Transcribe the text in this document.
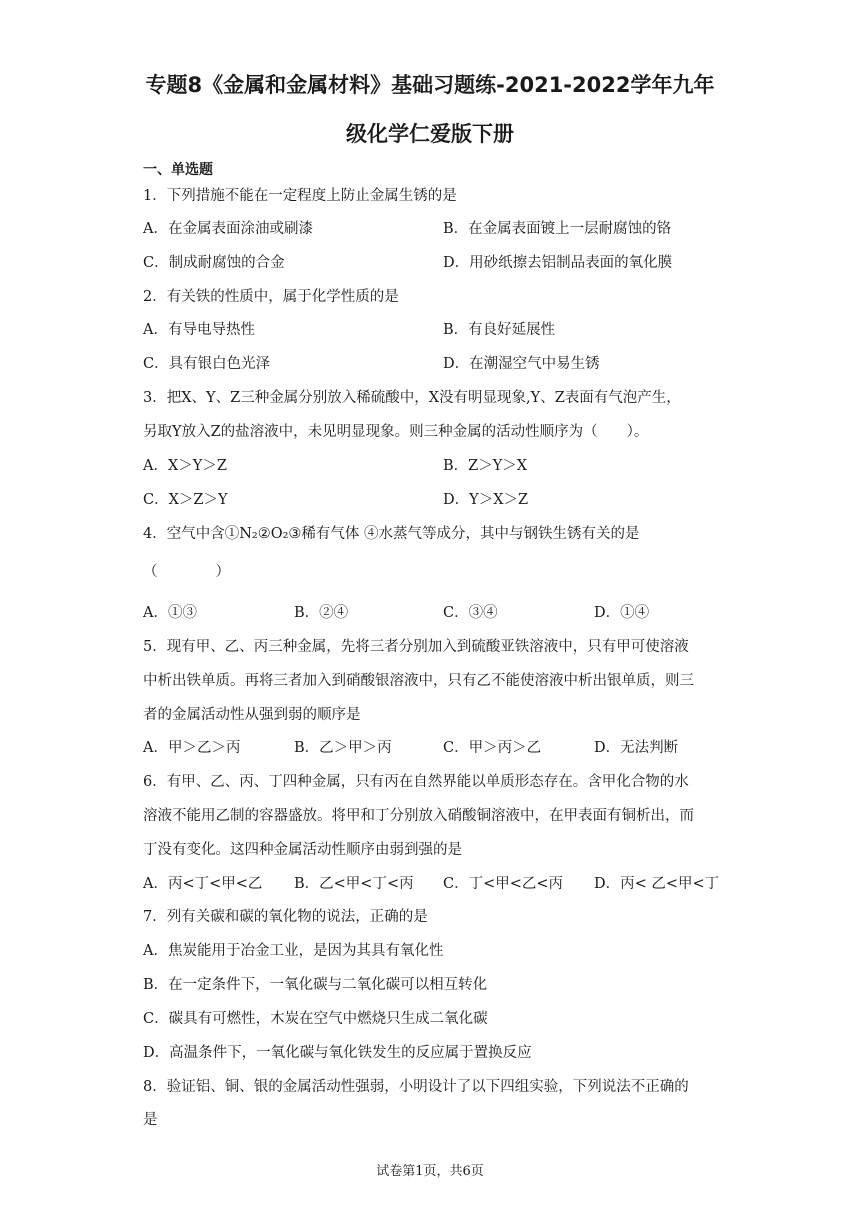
专题8《金属和金属材料》基础习题练-2021-2022学年九年
级化学仁爱版下册
一、单选题
1．下列措施不能在一定程度上防止金属生锈的是
A．在金属表面涂油或刷漆	B．在金属表面镀上一层耐腐蚀的铬
C．制成耐腐蚀的合金	D．用砂纸擦去铝制品表面的氧化膜
2．有关铁的性质中，属于化学性质的是
A．有导电导热性	B．有良好延展性
C．具有银白色光泽	D．在潮湿空气中易生锈
3．把X、Y、Z三种金属分别放入稀硫酸中，X没有明显现象,Y、Z表面有气泡产生，
另取Y放入Z的盐溶液中，未见明显现象。则三种金属的活动性顺序为（　　）。
A．X＞Y＞Z	B．Z＞Y＞X
C．X＞Z＞Y	D．Y＞X＞Z
4．空气中含①N₂②O₂③稀有气体 ④水蒸气等成分，其中与钢铁生锈有关的是
（　　　　）
A．①③	B．②④	C．③④	D．①④
5．现有甲、乙、丙三种金属，先将三者分别加入到硫酸亚铁溶液中，只有甲可使溶液
中析出铁单质。再将三者加入到硝酸银溶液中，只有乙不能使溶液中析出银单质，则三
者的金属活动性从强到弱的顺序是
A．甲＞乙＞丙	B．乙＞甲＞丙	C．甲＞丙＞乙	D．无法判断
6．有甲、乙、丙、丁四种金属，只有丙在自然界能以单质形态存在。含甲化合物的水
溶液不能用乙制的容器盛放。将甲和丁分别放入硝酸铜溶液中，在甲表面有铜析出，而
丁没有变化。这四种金属活动性顺序由弱到强的是
A．丙<丁<甲<乙 B．乙<甲<丁<丙 C．丁<甲<乙<丙 D．丙< 乙<甲<丁
7．列有关碳和碳的氧化物的说法，正确的是
A．焦炭能用于冶金工业，是因为其具有氧化性
B．在一定条件下，一氧化碳与二氧化碳可以相互转化
C．碳具有可燃性，木炭在空气中燃烧只生成二氧化碳
D．高温条件下，一氧化碳与氧化铁发生的反应属于置换反应
8．验证铝、铜、银的金属活动性强弱，小明设计了以下四组实验，下列说法不正确的
是
试卷第1页，共6页
